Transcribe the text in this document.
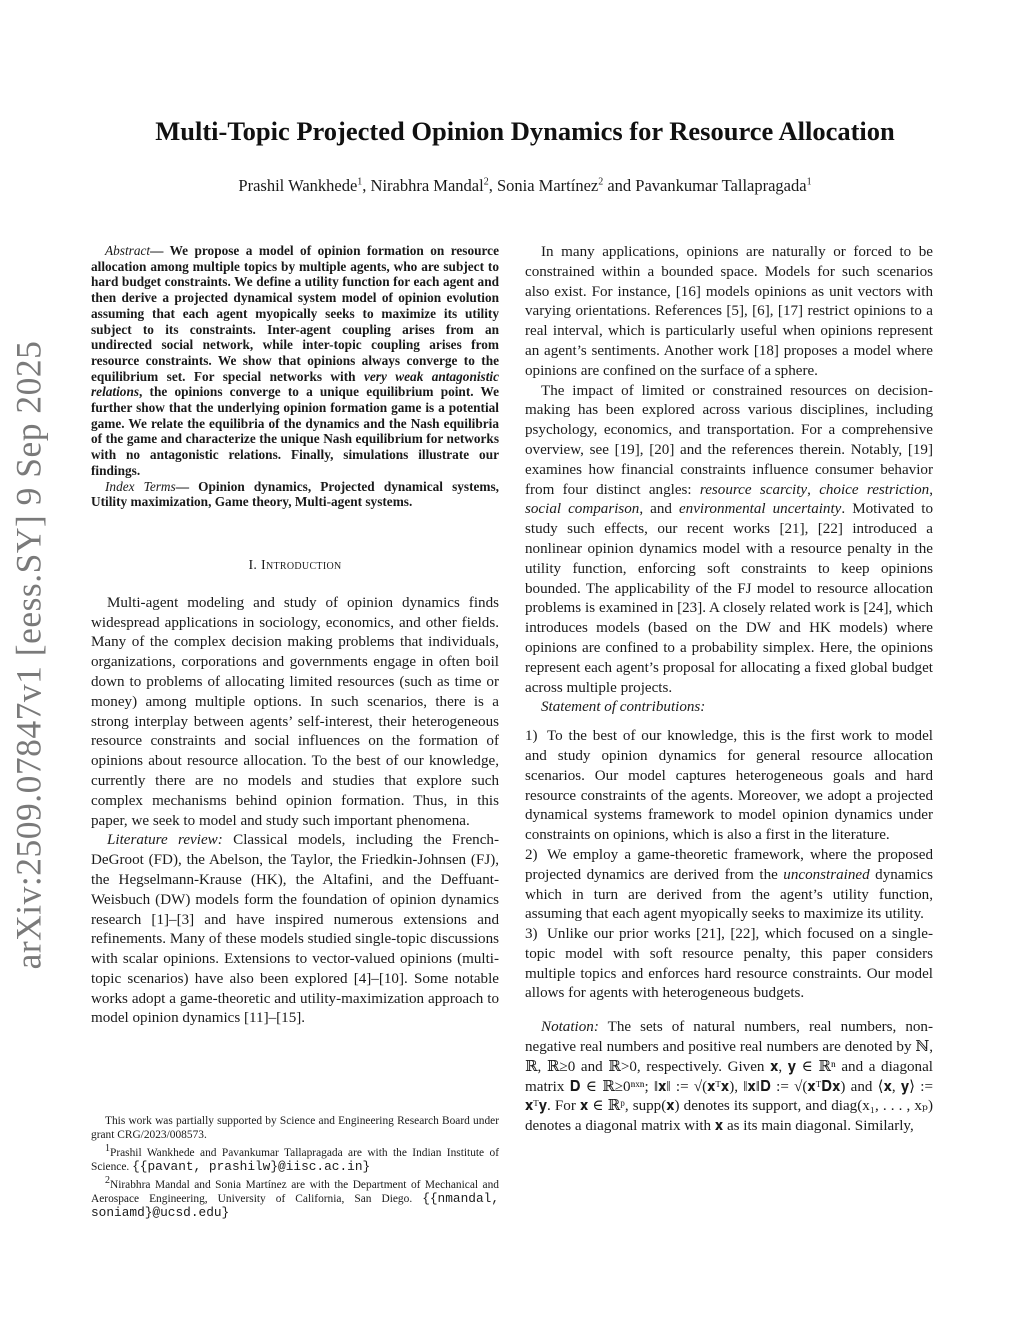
arXiv:2509.07847v1 [eess.SY] 9 Sep 2025
Multi-Topic Projected Opinion Dynamics for Resource Allocation
Prashil Wankhede$^1$, Nirabhra Mandal$^2$, Sonia Martínez$^2$ and Pavankumar Tallapragada$^1$

Abstract— We propose a model of opinion formation on resource allocation among multiple topics by multiple agents, who are subject to hard budget constraints. We define a utility function for each agent and then derive a projected dynamical system model of opinion evolution assuming that each agent myopically seeks to maximize its utility subject to its constraints. Inter-agent coupling arises from an undirected social network, while inter-topic coupling arises from resource constraints. We show that opinions always converge to the equilibrium set. For special networks with very weak antagonistic relations, the opinions converge to a unique equilibrium point. We further show that the underlying opinion formation game is a potential game. We relate the equilibria of the dynamics and the Nash equilibria of the game and characterize the unique Nash equilibrium for networks with no antagonistic relations. Finally, simulations illustrate our findings.

Index Terms— Opinion dynamics, Projected dynamical systems, Utility maximization, Game theory, Multi-agent systems.

I. Introduction

Multi-agent modeling and study of opinion dynamics finds widespread applications in sociology, economics, and other fields. Many of the complex decision making problems that individuals, organizations, corporations and governments engage in often boil down to problems of allocating limited resources (such as time or money) among multiple options. In such scenarios, there is a strong interplay between agents’ self-interest, their heterogeneous resource constraints and social influences on the formation of opinions about resource allocation. To the best of our knowledge, currently there are no models and studies that explore such complex mechanisms behind opinion formation. Thus, in this paper, we seek to model and study such important phenomena.

Literature review: Classical models, including the French-DeGroot (FD), the Abelson, the Taylor, the Friedkin-Johnsen (FJ), the Hegselmann-Krause (HK), the Altafini, and the Deffuant-Weisbuch (DW) models form the foundation of opinion dynamics research [1]–[3] and have inspired numerous extensions and refinements. Many of these models studied single-topic discussions with scalar opinions. Extensions to vector-valued opinions (multi-topic scenarios) have also been explored [4]–[10]. Some notable works adopt a game-theoretic and utility-maximization approach to model opinion dynamics [11]–[15].

This work was partially supported by Science and Engineering Research Board under grant CRG/2023/008573.

$^1$Prashil Wankhede and Pavankumar Tallapragada are with the Indian Institute of Science. {{pavant, prashilw}@iisc.ac.in}

$^2$Nirabhra Mandal and Sonia Martínez are with the Department of Mechanical and Aerospace Engineering, University of California, San Diego. {{nmandal, soniamd}@ucsd.edu}

In many applications, opinions are naturally or forced to be constrained within a bounded space. Models for such scenarios also exist. For instance, [16] models opinions as unit vectors with varying orientations. References [5], [6], [17] restrict opinions to a real interval, which is particularly useful when opinions represent an agent’s sentiments. Another work [18] proposes a model where opinions are confined on the surface of a sphere.

The impact of limited or constrained resources on decision-making has been explored across various disciplines, including psychology, economics, and transportation. For a comprehensive overview, see [19], [20] and the references therein. Notably, [19] examines how financial constraints influence consumer behavior from four distinct angles: resource scarcity, choice restriction, social comparison, and environmental uncertainty. Motivated to study such effects, our recent works [21], [22] introduced a nonlinear opinion dynamics model with a resource penalty in the utility function, enforcing soft constraints to keep opinions bounded. The applicability of the FJ model to resource allocation problems is examined in [23]. A closely related work is [24], which introduces models (based on the DW and HK models) where opinions are confined to a probability simplex. Here, the opinions represent each agent’s proposal for allocating a fixed global budget across multiple projects.

Statement of contributions:

1) To the best of our knowledge, this is the first work to model and study opinion dynamics for general resource allocation scenarios. Our model captures heterogeneous goals and hard resource constraints of the agents. Moreover, we adopt a projected dynamical systems framework to model opinion dynamics under constraints on opinions, which is also a first in the literature.

2) We employ a game-theoretic framework, where the proposed projected dynamics are derived from the unconstrained dynamics which in turn are derived from the agent’s utility function, assuming that each agent myopically seeks to maximize its utility.

3) Unlike our prior works [21], [22], which focused on a single-topic model with soft resource penalty, this paper considers multiple topics and enforces hard resource constraints. Our model allows for agents with heterogeneous budgets.

Notation: The sets of natural numbers, real numbers, non-negative real numbers and positive real numbers are denoted by ℕ, ℝ, ℝ≥0 and ℝ>0, respectively. Given 𝐱, 𝐲 ∈ ℝⁿ and a diagonal matrix 𝐃 ∈ ℝ≥0ⁿˣⁿ; ‖𝐱‖ := √(𝐱ᵀ𝐱), ‖𝐱‖𝐃 := √(𝐱ᵀ𝐃𝐱) and ⟨𝐱, 𝐲⟩ := 𝐱ᵀ𝐲. For 𝐱 ∈ ℝᵖ, supp(𝐱) denotes its support, and diag(x₁, . . . , xₚ) denotes a diagonal matrix with 𝐱 as its main diagonal. Similarly,
